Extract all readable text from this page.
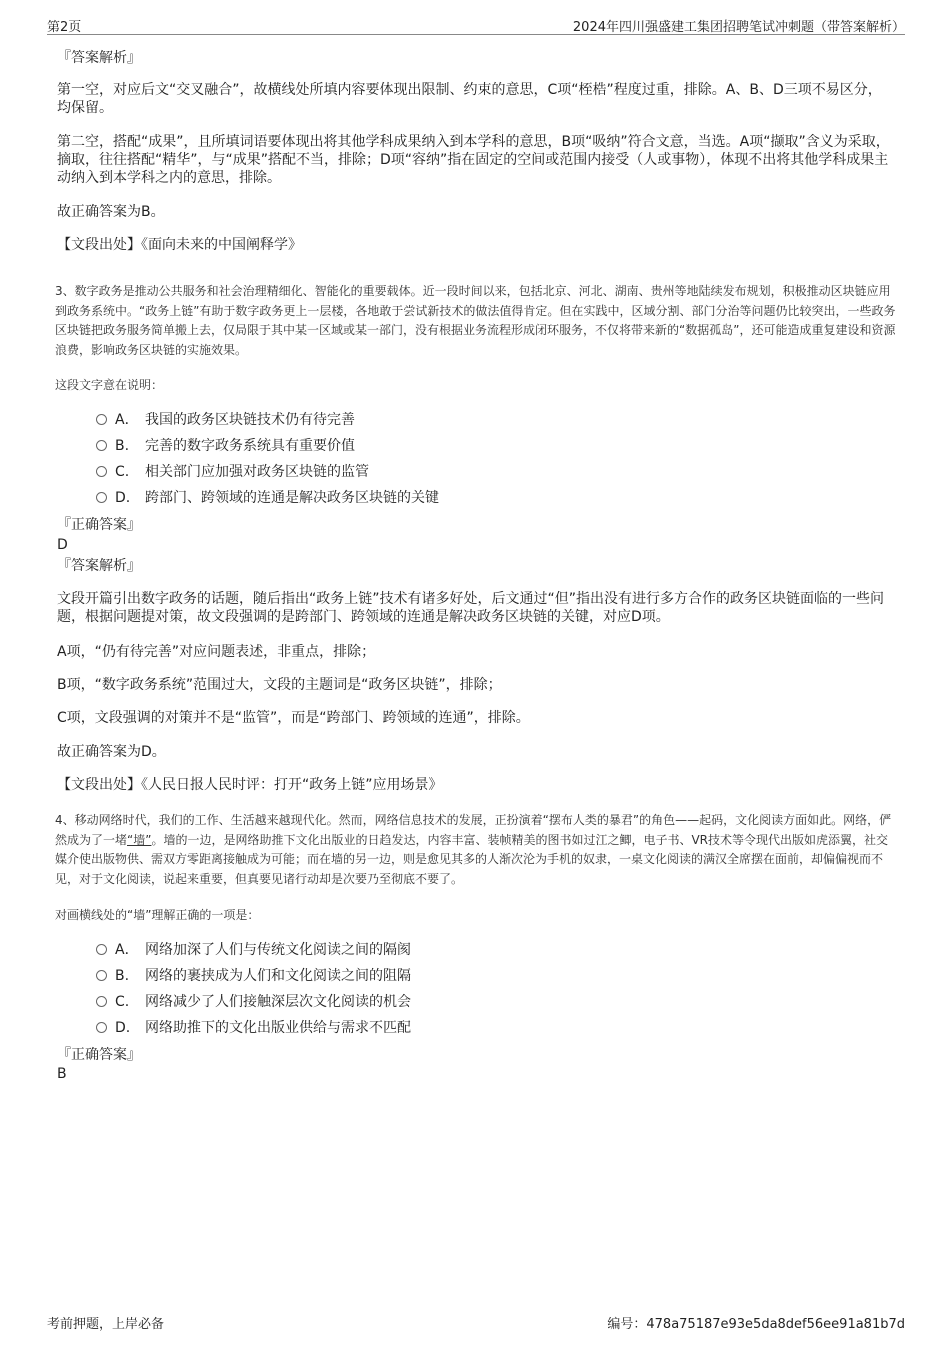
第2页	2024年四川强盛建工集团招聘笔试冲刺题（带答案解析）
『答案解析』
第一空，对应后文“交叉融合”，故横线处所填内容要体现出限制、约束的意思，C项“桎梏”程度过重，排除。A、B、D三项不易区分，均保留。
第二空，搭配“成果”，且所填词语要体现出将其他学科成果纳入到本学科的意思，B项“吸纳”符合文意，当选。A项“撷取”含义为采取，摘取，往往搭配“精华”，与“成果”搭配不当，排除；D项“容纳”指在固定的空间或范围内接受（人或事物），体现不出将其他学科成果主动纳入到本学科之内的意思，排除。
故正确答案为B。
【文段出处】《面向未来的中国阐释学》
3、数字政务是推动公共服务和社会治理精细化、智能化的重要载体。近一段时间以来，包括北京、河北、湖南、贵州等地陆续发布规划，积极推动区块链应用到政务系统中。“政务上链”有助于数字政务更上一层楼，各地敢于尝试新技术的做法值得肯定。但在实践中，区域分割、部门分治等问题仍比较突出，一些政务区块链把政务服务简单搬上去，仅局限于其中某一区域或某一部门，没有根据业务流程形成闭环服务，不仅将带来新的“数据孤岛”，还可能造成重复建设和资源浪费，影响政务区块链的实施效果。
这段文字意在说明：
A． 我国的政务区块链技术仍有待完善
B. 完善的数字政务系统具有重要价值
C. 相关部门应加强对政务区块链的监管
D. 跨部门、跨领域的连通是解决政务区块链的关键
『正确答案』
D
『答案解析』
文段开篇引出数字政务的话题，随后指出“政务上链”技术有诸多好处，后文通过“但”指出没有进行多方合作的政务区块链面临的一些问题，根据问题提对策，故文段强调的是跨部门、跨领域的连通是解决政务区块链的关键，对应D项。
A项，“仍有待完善”对应问题表述，非重点，排除；
B项，“数字政务系统”范围过大，文段的主题词是“政务区块链”，排除；
C项，文段强调的对策并不是“监管”，而是“跨部门、跨领域的连通”，排除。
故正确答案为D。
【文段出处】《人民日报人民时评：打开“政务上链”应用场景》
4、移动网络时代，我们的工作、生活越来越现代化。然而，网络信息技术的发展，正扮演着“摆布人类的暴君”的角色——起码，文化阅读方面如此。网络，俨然成为了一堵“墙”。墙的一边，是网络助推下文化出版业的日趋发达，内容丰富、装帧精美的图书如过江之鲫，电子书、VR技术等令现代出版如虎添翼，社交媒介使出版物供、需双方零距离接触成为可能；而在墙的另一边，则是愈见其多的人渐次沦为手机的奴隶，一桌文化阅读的满汉全席摆在面前，却偏偏视而不见，对于文化阅读，说起来重要，但真要见诸行动却是次要乃至彻底不要了。
对画横线处的“墙”理解正确的一项是：
A． 网络加深了人们与传统文化阅读之间的隔阂
B. 网络的裹挟成为人们和文化阅读之间的阻隔
C. 网络减少了人们接触深层次文化阅读的机会
D. 网络助推下的文化出版业供给与需求不匹配
『正确答案』
B
考前押题，上岸必备	编号：478a75187e93e5da8def56ee91a81b7d
